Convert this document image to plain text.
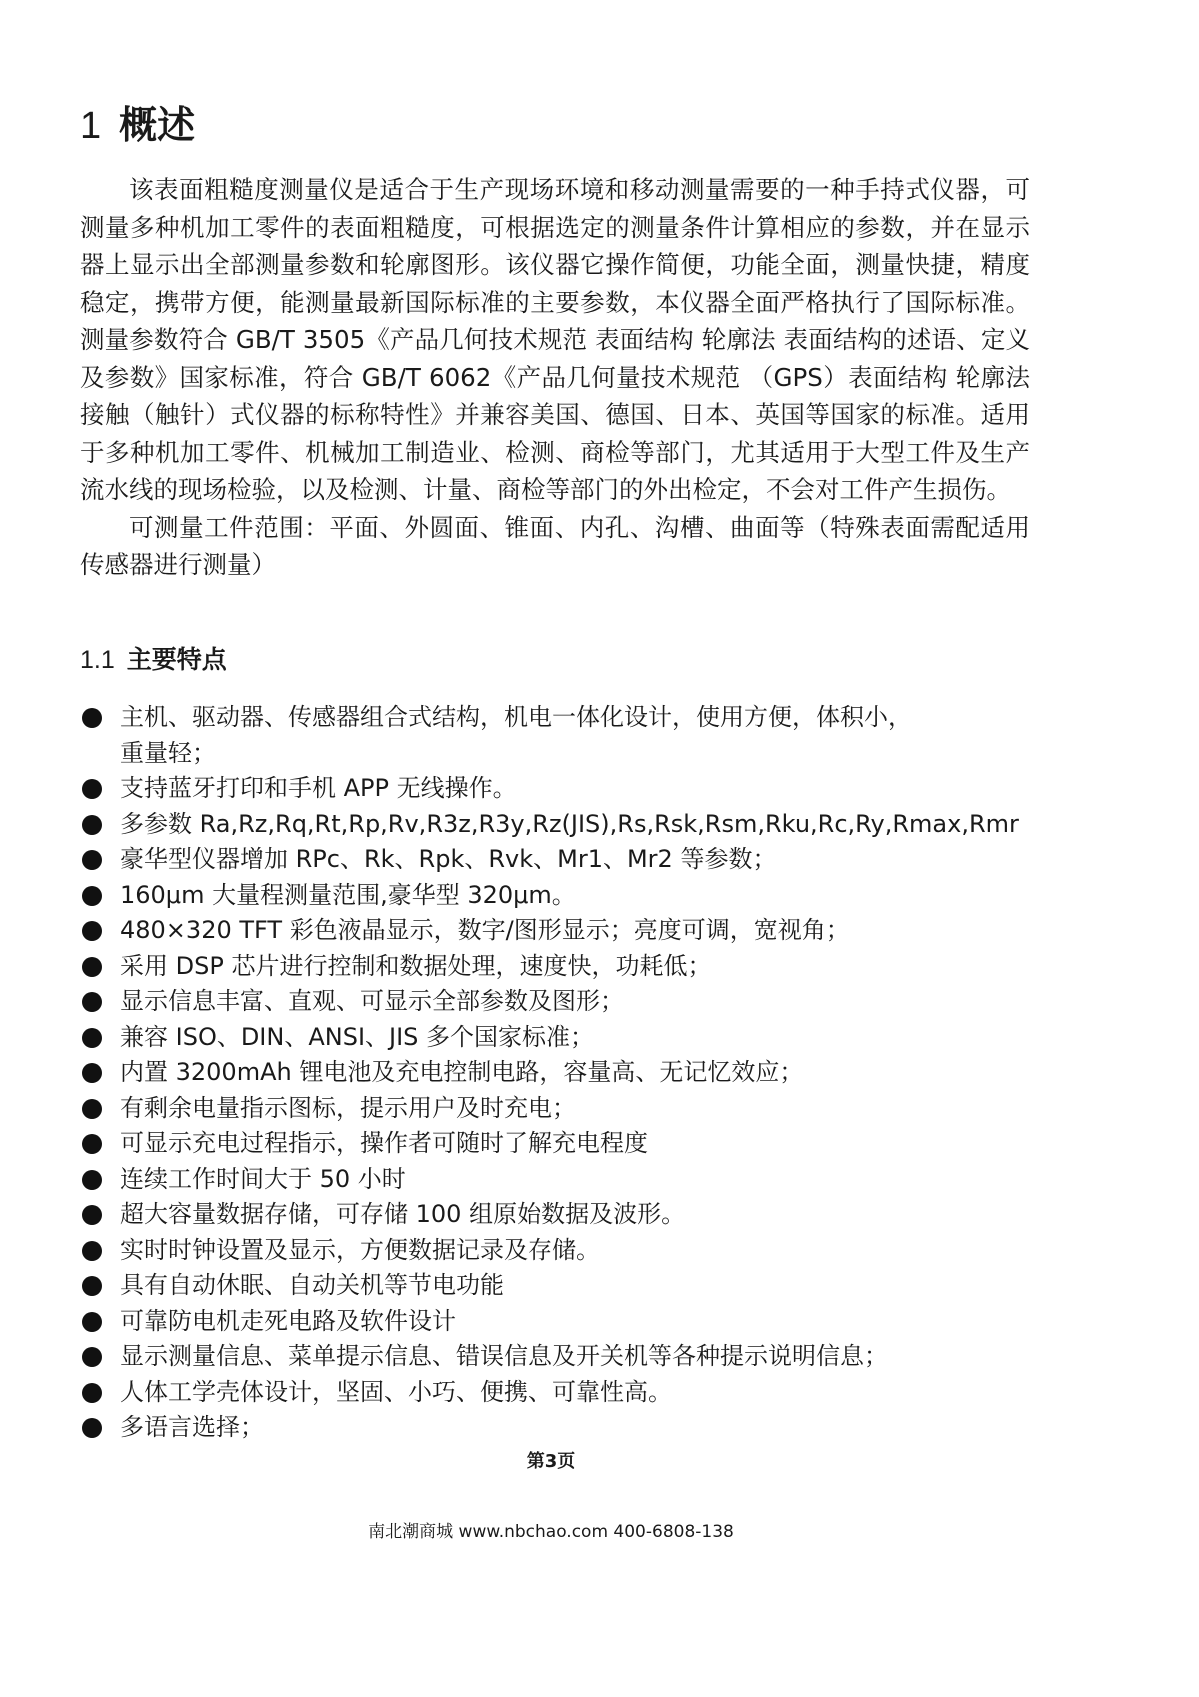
1 概述

该表面粗糙度测量仪是适合于生产现场环境和移动测量需要的一种手持式仪器，可测量多种机加工零件的表面粗糙度，可根据选定的测量条件计算相应的参数，并在显示器上显示出全部测量参数和轮廓图形。该仪器它操作简便，功能全面，测量快捷，精度稳定，携带方便，能测量最新国际标准的主要参数，本仪器全面严格执行了国际标准。测量参数符合 GB/T 3505《产品几何技术规范 表面结构 轮廓法 表面结构的述语、定义及参数》国家标准，符合 GB/T 6062《产品几何量技术规范 （GPS）表面结构 轮廓法 接触（触针）式仪器的标称特性》并兼容美国、德国、日本、英国等国家的标准。适用于多种机加工零件、机械加工制造业、检测、商检等部门，尤其适用于大型工件及生产流水线的现场检验，以及检测、计量、商检等部门的外出检定，不会对工件产生损伤。

可测量工件范围：平面、外圆面、锥面、内孔、沟槽、曲面等（特殊表面需配适用传感器进行测量）

1.1 主要特点
主机、驱动器、传感器组合式结构，机电一体化设计，使用方便，体积小，重量轻；
支持蓝牙打印和手机 APP 无线操作。
多参数 Ra,Rz,Rq,Rt,Rp,Rv,R3z,R3y,Rz(JIS),Rs,Rsk,Rsm,Rku,Rc,Ry,Rmax,Rmr
豪华型仪器增加 RPc、Rk、Rpk、Rvk、Mr1、Mr2 等参数；
160μm 大量程测量范围,豪华型 320μm。
480×320 TFT 彩色液晶显示，数字/图形显示；亮度可调，宽视角；
采用 DSP 芯片进行控制和数据处理，速度快，功耗低；
显示信息丰富、直观、可显示全部参数及图形；
兼容 ISO、DIN、ANSI、JIS 多个国家标准；
内置 3200mAh 锂电池及充电控制电路，容量高、无记忆效应；
有剩余电量指示图标，提示用户及时充电；
可显示充电过程指示，操作者可随时了解充电程度
连续工作时间大于 50 小时
超大容量数据存储，可存储 100 组原始数据及波形。
实时时钟设置及显示，方便数据记录及存储。
具有自动休眠、自动关机等节电功能
可靠防电机走死电路及软件设计
显示测量信息、菜单提示信息、错误信息及开关机等各种提示说明信息；
人体工学壳体设计，坚固、小巧、便携、可靠性高。
多语言选择；
第3页
南北潮商城 www.nbchao.com 400-6808-138
